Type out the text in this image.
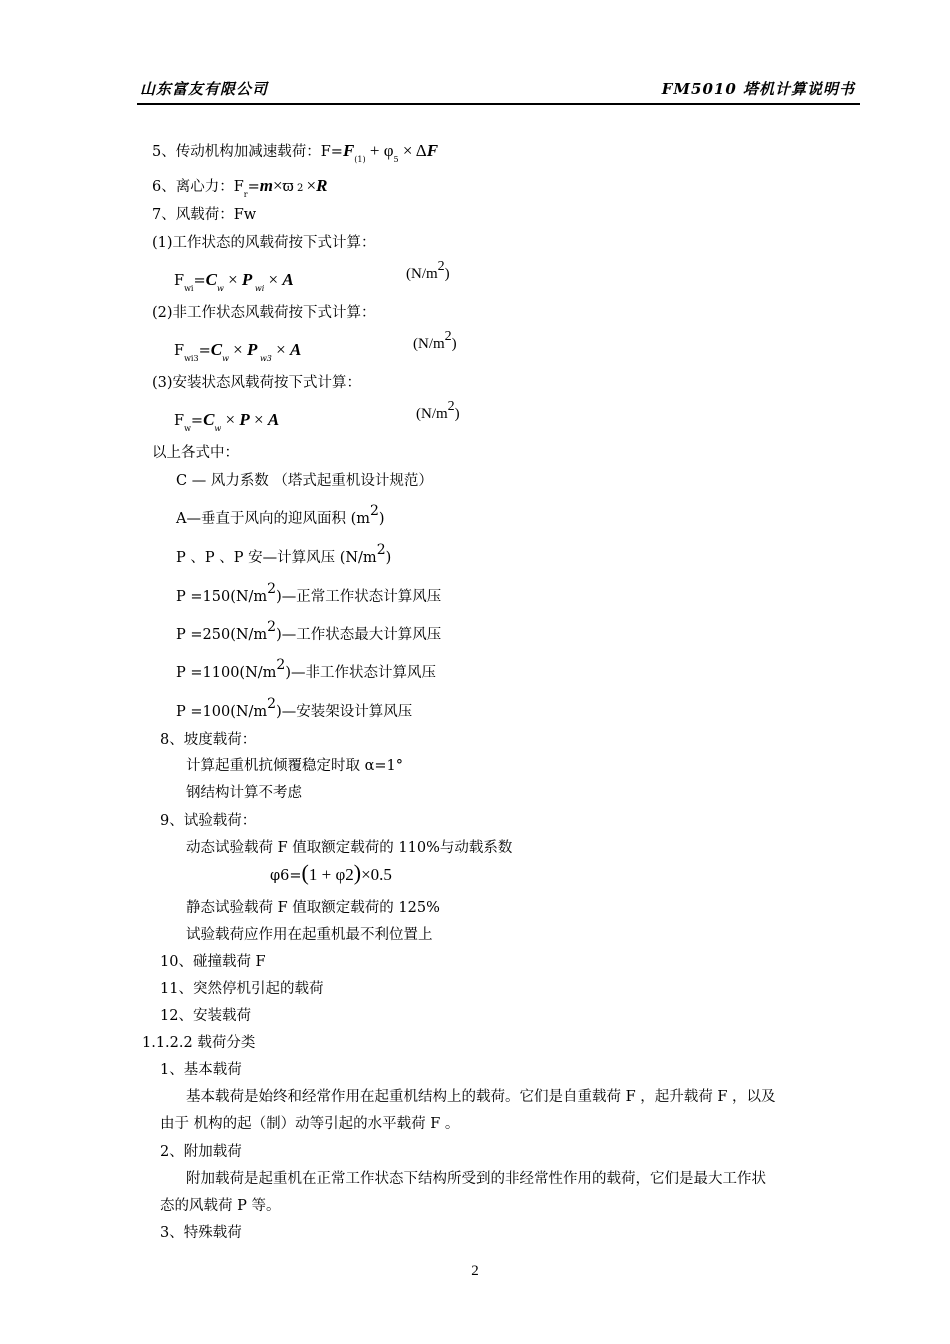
山东富友有限公司	FM5010 塔机计算说明书
5、传动机构加减速载荷：$F=F_{(1)} + \varphi_5 \times \Delta F$
6、离心力：$F_r=m\times ϖ$ 2 ×R
7、风载荷：Fw
(1)工作状态的风载荷按下式计算：
$F_{wi}=C_w \times P$ $_{wi}$ × A	(N/m2)
(2)非工作状态风载荷按下式计算：
$F_{wi3}=C_w \times P$ $_{w3}$ × A	(N/m2)
(3)安装状态风载荷按下式计算：
$F_w=C_w \times P \times A$	(N/m2)
以上各式中：
C — 风力系数 （塔式起重机设计规范）
A—垂直于风向的迎风面积 (m2)
P 、P 、P 安—计算风压 (N/m2)
P =150(N/m2)—正常工作状态计算风压
P =250(N/m2)—工作状态最大计算风压
P =1100(N/m2)—非工作状态计算风压
P =100(N/m2)—安装架设计算风压
8、坡度载荷：
计算起重机抗倾覆稳定时取 α=1°
钢结构计算不考虑
9、试验载荷：
动态试验载荷 F 值取额定载荷的 110%与动载系数
φ6=(1 + φ2)×0.5
静态试验载荷 F 值取额定载荷的 125%
试验载荷应作用在起重机最不利位置上
10、碰撞载荷 F
11、突然停机引起的载荷
12、安装载荷
1.1.2.2 载荷分类
1、基本载荷
基本载荷是始终和经常作用在起重机结构上的载荷。它们是自重载荷 F ，起升载荷 F ，以及
由于 机构的起（制）动等引起的水平载荷 F 。
2、附加载荷
附加载荷是起重机在正常工作状态下结构所受到的非经常性作用的载荷，它们是最大工作状
态的风载荷 P 等。
3、特殊载荷
2
